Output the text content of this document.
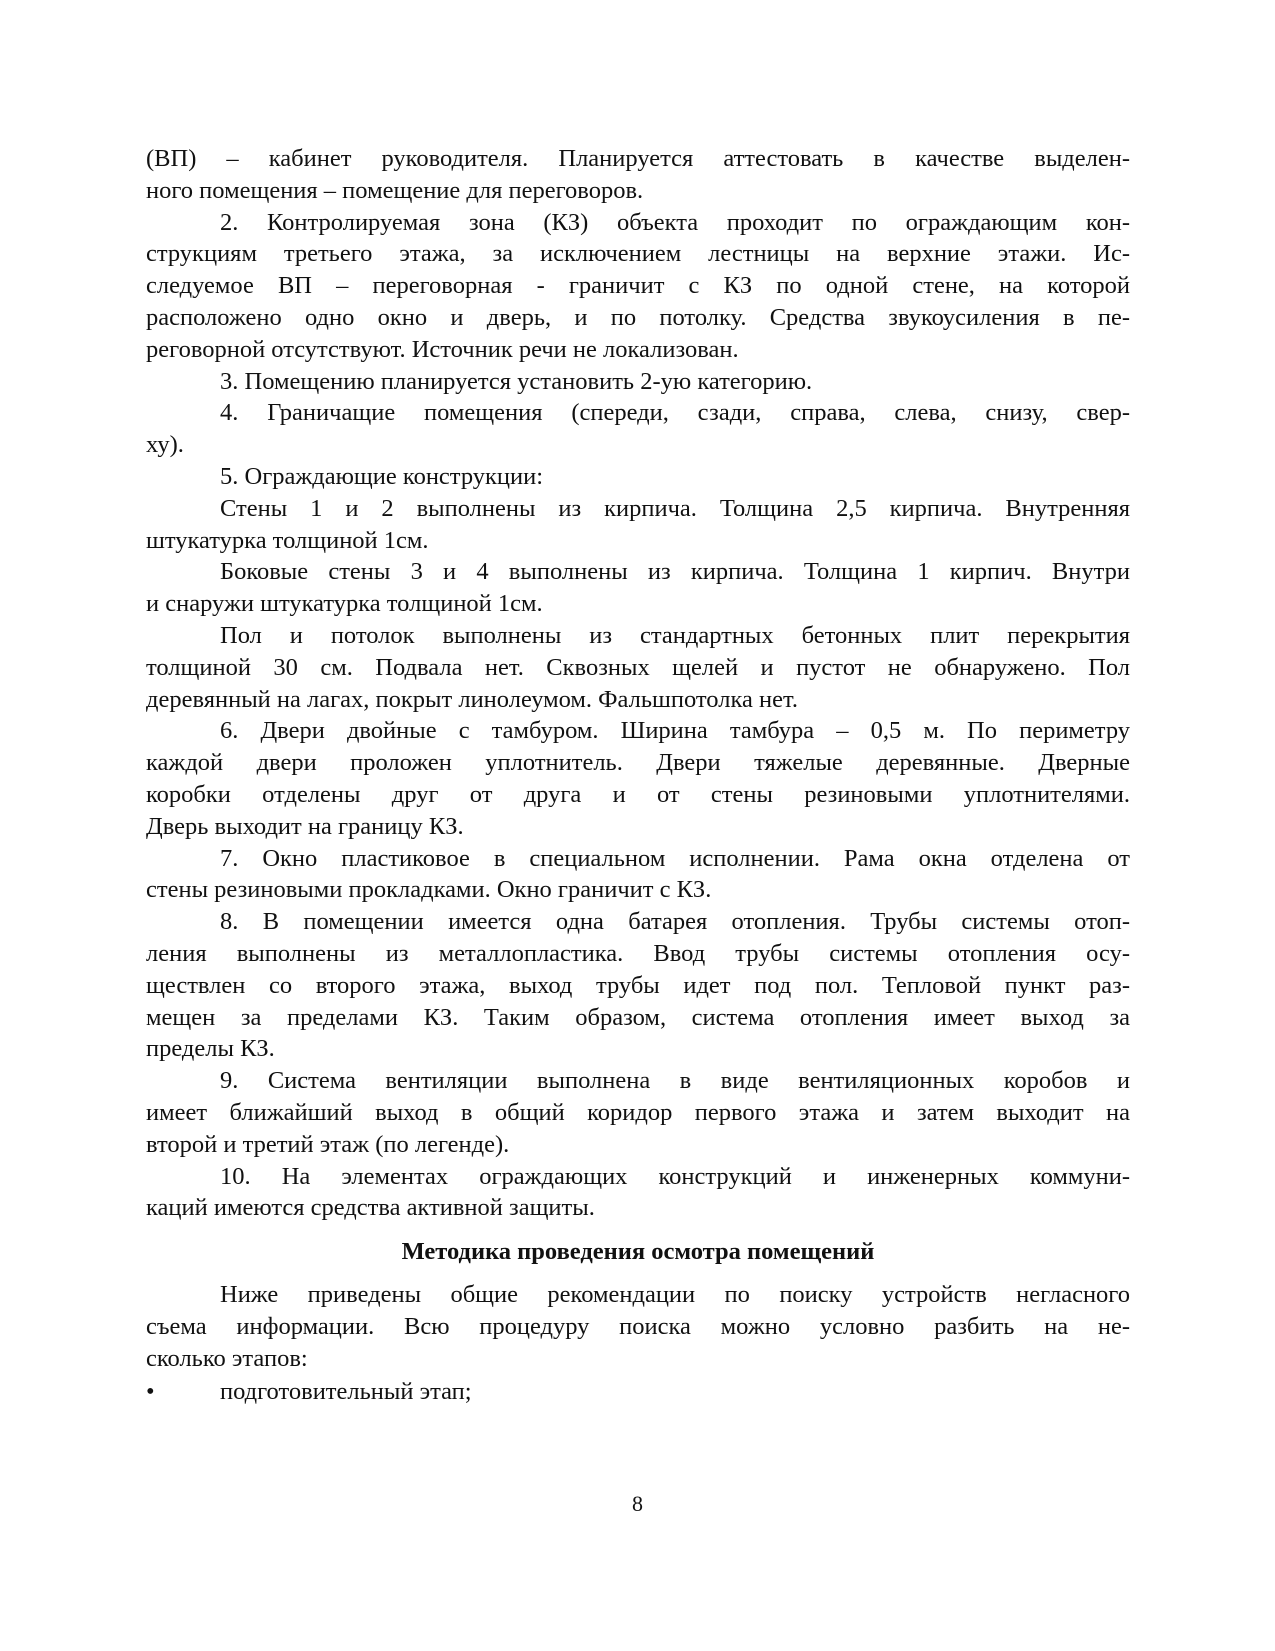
(ВП) – кабинет руководителя. Планируется аттестовать в качестве выделен-
ного помещения – помещение для переговоров.
2. Контролируемая зона (КЗ) объекта проходит по ограждающим кон-
струкциям третьего этажа, за исключением лестницы на верхние этажи. Ис-
следуемое ВП – переговорная - граничит с КЗ по одной стене, на которой
расположено одно окно и дверь, и по потолку. Средства звукоусиления в пе-
реговорной отсутствуют. Источник речи не локализован.
3. Помещению планируется установить 2-ую категорию.
4. Граничащие помещения (спереди, сзади, справа, слева, снизу, свер-
ху).
5. Ограждающие конструкции:
Стены 1 и 2 выполнены из кирпича. Толщина 2,5 кирпича. Внутренняя
штукатурка толщиной 1см.
Боковые стены 3 и 4 выполнены из кирпича. Толщина 1 кирпич. Внутри
и снаружи штукатурка толщиной 1см.
Пол и потолок выполнены из стандартных бетонных плит перекрытия
толщиной 30 см. Подвала нет. Сквозных щелей и пустот не обнаружено. Пол
деревянный на лагах, покрыт линолеумом. Фальшпотолка нет.
6. Двери двойные с тамбуром. Ширина тамбура – 0,5 м. По периметру
каждой двери проложен уплотнитель. Двери тяжелые деревянные. Дверные
коробки отделены друг от друга и от стены резиновыми уплотнителями.
Дверь выходит на границу КЗ.
7. Окно пластиковое в специальном исполнении. Рама окна отделена от
стены резиновыми прокладками. Окно граничит с КЗ.
8. В помещении имеется одна батарея отопления. Трубы системы отоп-
ления выполнены из металлопластика. Ввод трубы системы отопления осу-
ществлен со второго этажа, выход трубы идет под пол. Тепловой пункт раз-
мещен за пределами КЗ. Таким образом, система отопления имеет выход за
пределы КЗ.
9. Система вентиляции выполнена в виде вентиляционных коробов и
имеет ближайший выход в общий коридор первого этажа и затем выходит на
второй и третий этаж (по легенде).
10. На элементах ограждающих конструкций и инженерных коммуни-
каций имеются средства активной защиты.
Методика проведения осмотра помещений
Ниже приведены общие рекомендации по поиску устройств негласного
съема информации. Всю процедуру поиска можно условно разбить на не-
сколько этапов:
•	подготовительный этап;
8
